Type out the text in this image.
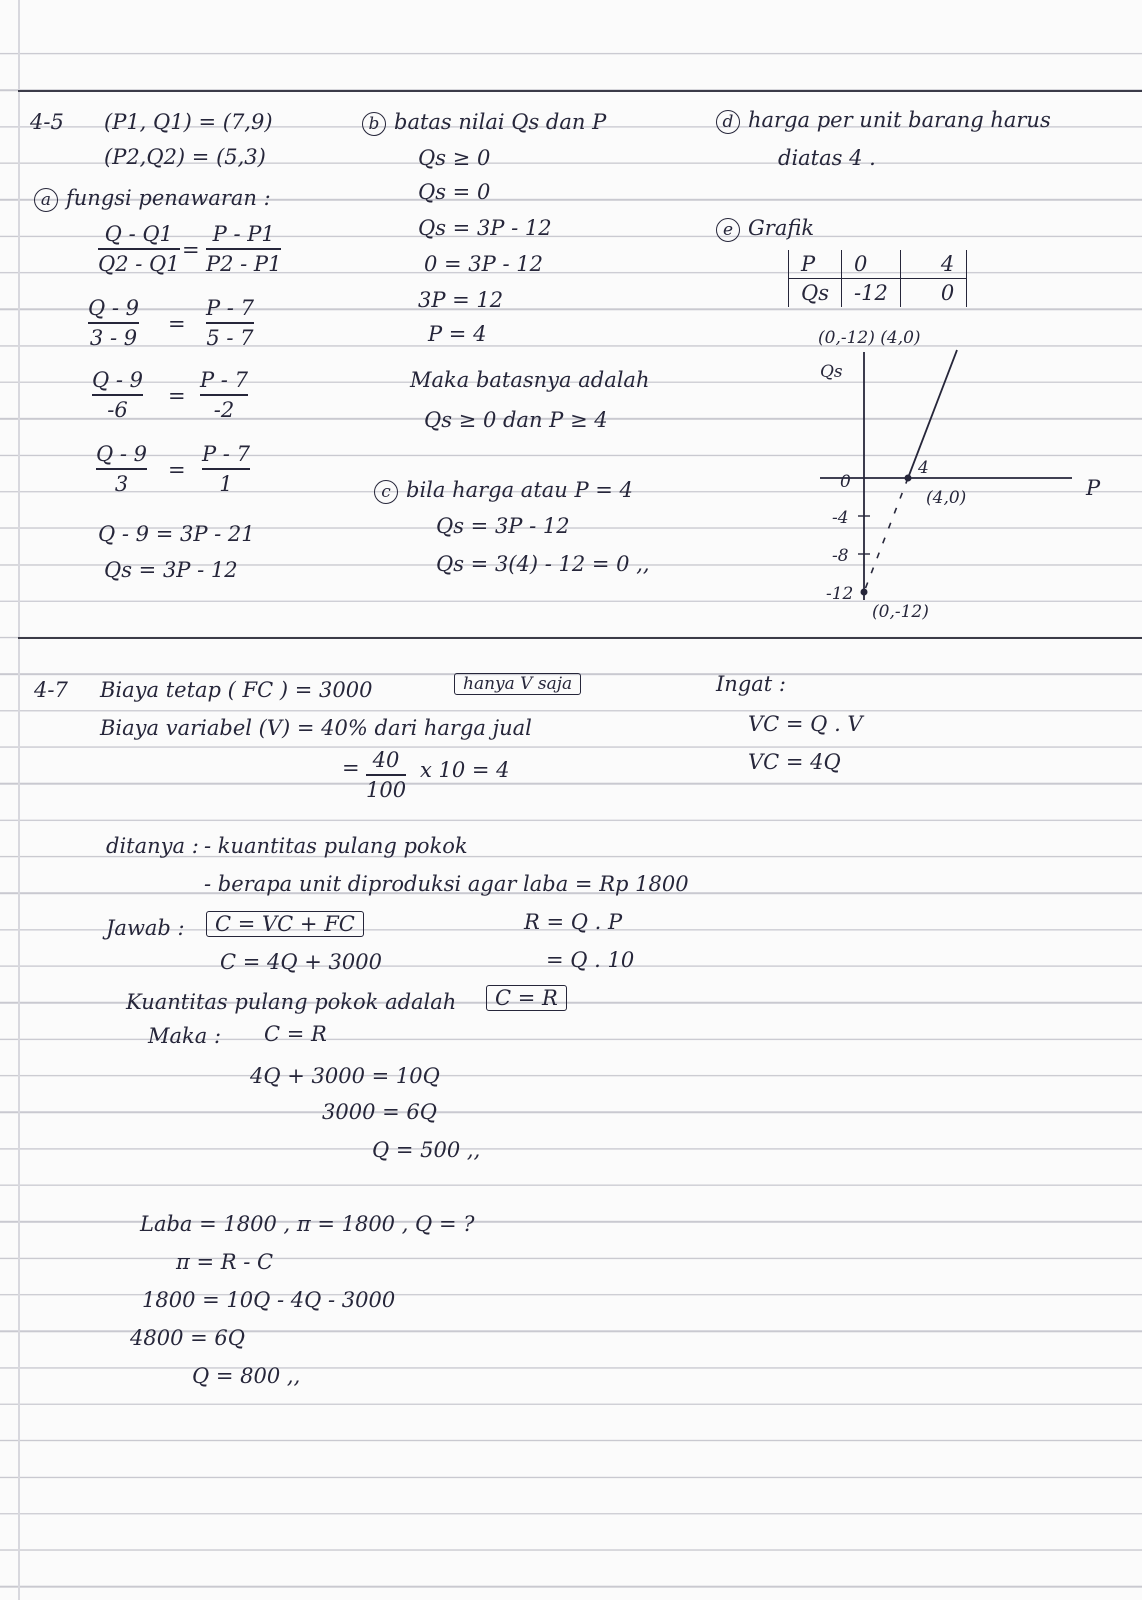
4-5 (P1, Q1) = (7,9)
(P2,Q2) = (5,3)
a fungsi penawaran :
Q - Q1
Q2 - Q1
=
P - P1
P2 - P1
Q - 9
3 - 9
=
P - 7
5 - 7
Q - 9
-6
=
P - 7
-2
Q - 9
3
=
P - 7
1
Q - 9 = 3P - 21
Qs = 3P - 12
b batas nilai Qs dan P
Qs ≥ 0
Qs = 0
Qs = 3P - 12
0 = 3P - 12
3P = 12
P = 4
Maka batasnya adalah
Qs ≥ 0 dan P ≥ 4
c bila harga atau P = 4
Qs = 3P - 12
Qs = 3(4) - 12 = 0 ,,
d harga per unit barang harus
diatas 4 .
e Grafik
P	0	4
Qs	-12	0
(0,-12) (4,0)
Qs
P
0
4
-4
-8
-12
(4,0)
(0,-12)
4-7 Biaya tetap ( FC ) = 3000	hanya V saja
Biaya variabel (V) = 40% dari harga jual
= 40
100
x 10 = 4
Ingat :
VC = Q . V
VC = 4Q
ditanya : - kuantitas pulang pokok
- berapa unit diproduksi agar laba = Rp 1800
Jawab :	C = VC + FC	R = Q . P
C = 4Q + 3000	= Q . 10
Kuantitas pulang pokok adalah	C = R
Maka : C = R
4Q + 3000 = 10Q
3000 = 6Q
Q = 500 ,,
Laba = 1800 , π = 1800 , Q = ?
π = R - C
1800 = 10Q - 4Q - 3000
4800 = 6Q
Q = 800 ,,
